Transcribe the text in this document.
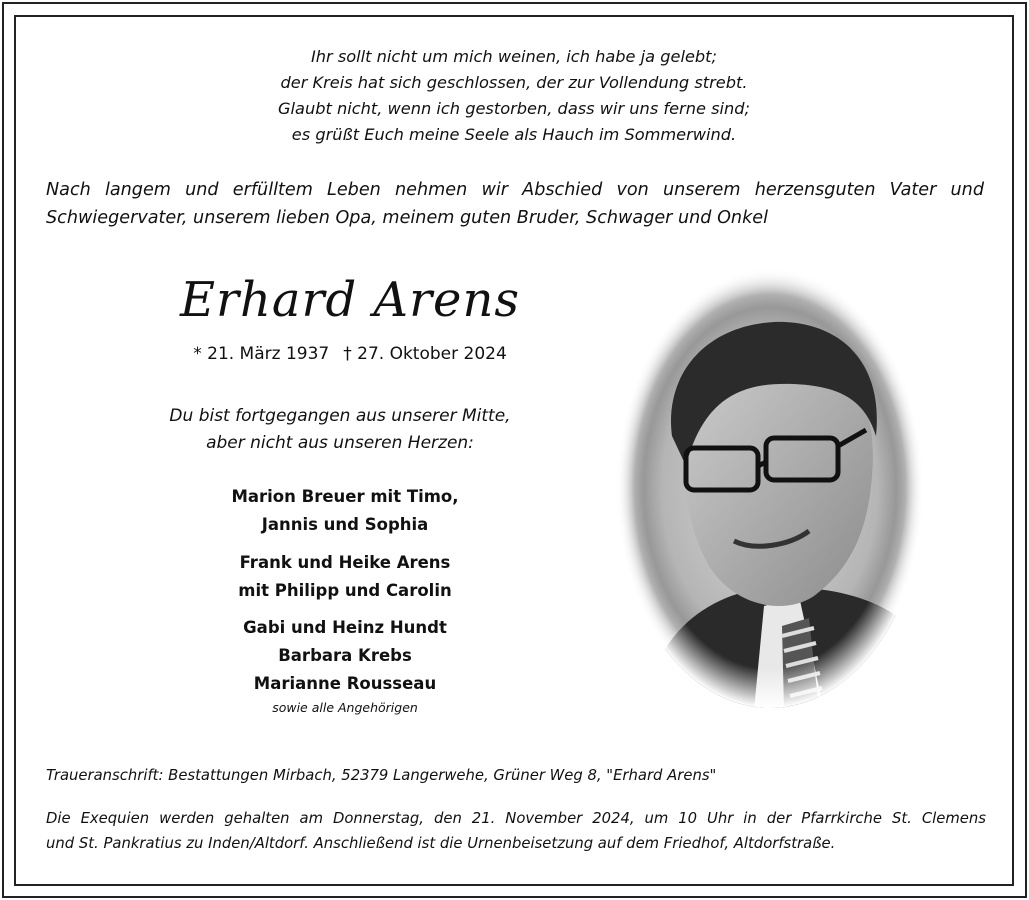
Ihr sollt nicht um mich weinen, ich habe ja gelebt;
der Kreis hat sich geschlossen, der zur Vollendung strebt.
Glaubt nicht, wenn ich gestorben, dass wir uns ferne sind;
es grüßt Euch meine Seele als Hauch im Sommerwind.
Nach langem und erfülltem Leben nehmen wir Abschied von unserem herzensguten Vater und
Schwiegervater, unserem lieben Opa, meinem guten Bruder, Schwager und Onkel
Erhard Arens
* 21. März 1937 † 27. Oktober 2024
Du bist fortgegangen aus unserer Mitte,
aber nicht aus unseren Herzen:
Marion Breuer mit Timo,
Jannis und Sophia
Frank und Heike Arens
mit Philipp und Carolin
Gabi und Heinz Hundt
Barbara Krebs
Marianne Rousseau
sowie alle Angehörigen
Traueranschrift: Bestattungen Mirbach, 52379 Langerwehe, Grüner Weg 8, "Erhard Arens"
Die Exequien werden gehalten am Donnerstag, den 21. November 2024, um 10 Uhr in der Pfarrkirche St. Clemens
und St. Pankratius zu Inden/Altdorf. Anschließend ist die Urnenbeisetzung auf dem Friedhof, Altdorfstraße.
